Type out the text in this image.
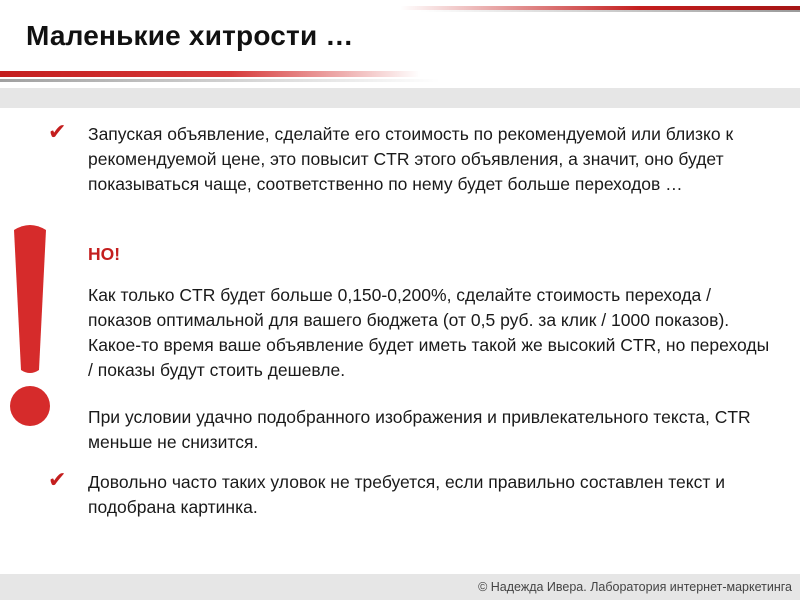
Маленькие хитрости …
✔ Запуская объявление, сделайте его стоимость по рекомендуемой или близко к рекомендуемой цене, это повысит CTR этого объявления, а значит, оно будет показываться чаще, соответственно по нему будет больше переходов …
НО!
Как только CTR будет больше 0,150-0,200%, сделайте стоимость перехода / показов оптимальной для вашего бюджета (от 0,5 руб. за клик / 1000 показов). Какое-то время ваше объявление будет иметь такой же высокий CTR, но переходы / показы будут стоить дешевле.
При условии удачно подобранного изображения и привлекательного текста, CTR меньше не снизится.
✔ Довольно часто таких уловок не требуется, если правильно составлен текст и подобрана картинка.
© Надежда Ивера. Лаборатория интернет-маркетинга
